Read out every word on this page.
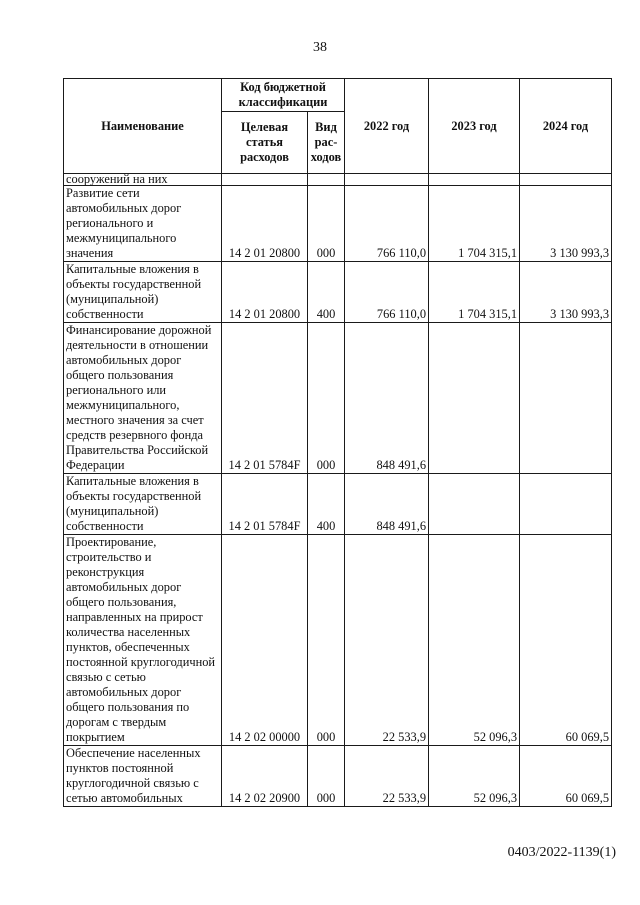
38
Наименование	Код бюджетной классификации		2022 год	2023 год	2024 год
	Целевая статья расходов	Вид рас-ходов			
сооружений на них					
Развитие сети автомобильных дорог регионального и межмуниципального значения	14 2 01 20800	000	766 110,0	1 704 315,1	3 130 993,3
Капитальные вложения в объекты государственной (муниципальной) собственности	14 2 01 20800	400	766 110,0	1 704 315,1	3 130 993,3
Финансирование дорожной деятельности в отношении автомобильных дорог общего пользования регионального или межмуниципального, местного значения за счет средств резервного фонда Правительства Российской Федерации	14 2 01 5784F	000	848 491,6		
Капитальные вложения в объекты государственной (муниципальной) собственности	14 2 01 5784F	400	848 491,6		
Проектирование, строительство и реконструкция автомобильных дорог общего пользования, направленных на прирост количества населенных пунктов, обеспеченных постоянной круглогодичной связью с сетью автомобильных дорог общего пользования по дорогам с твердым покрытием	14 2 02 00000	000	22 533,9	52 096,3	60 069,5
Обеспечение населенных пунктов постоянной круглогодичной связью с сетью автомобильных	14 2 02 20900	000	22 533,9	52 096,3	60 069,5
0403/2022-1139(1)
